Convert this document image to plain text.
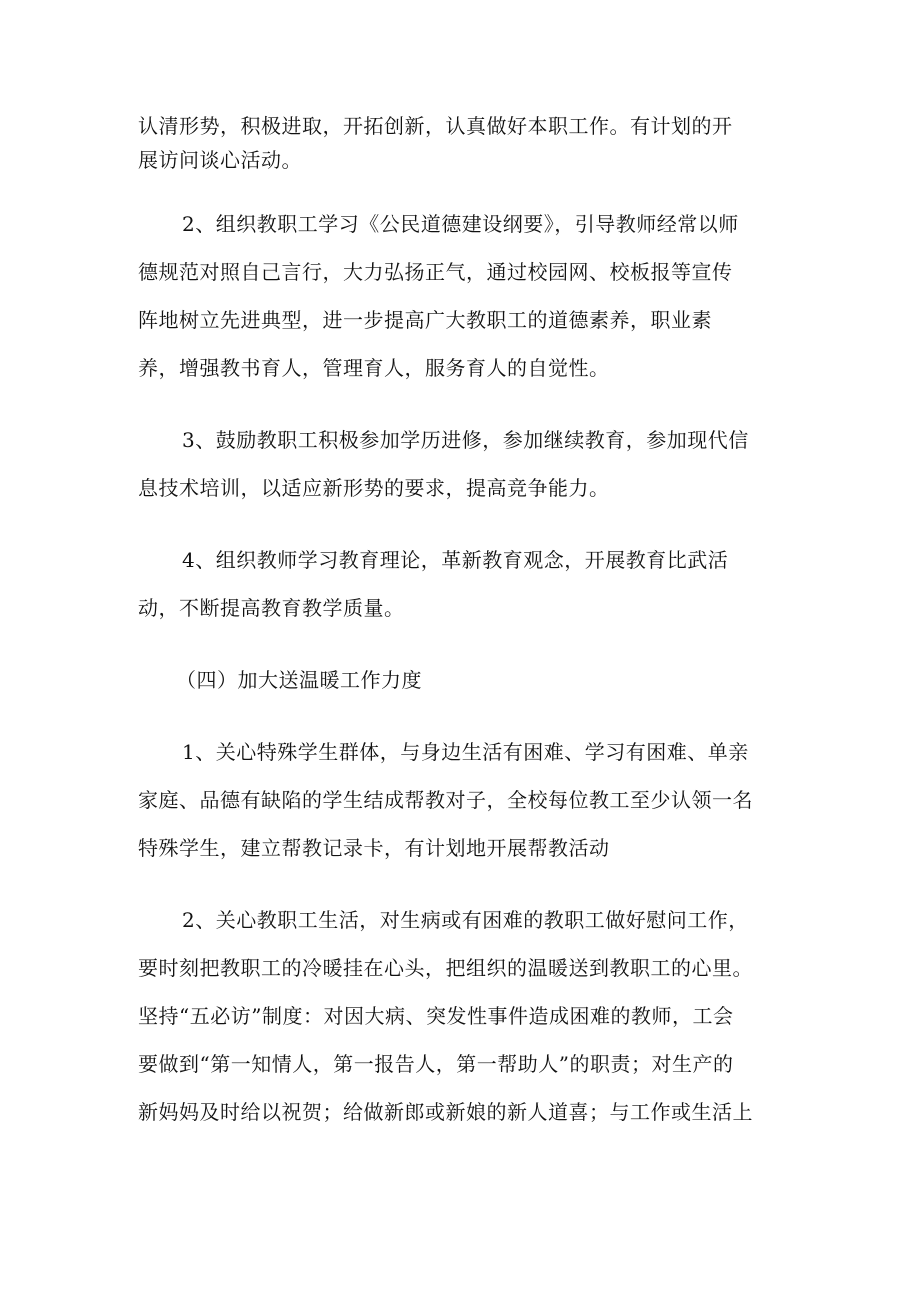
认清形势，积极进取，开拓创新，认真做好本职工作。有计划的开
展访问谈心活动。
2、组织教职工学习《公民道德建设纲要》，引导教师经常以师
德规范对照自己言行，大力弘扬正气，通过校园网、校板报等宣传
阵地树立先进典型，进一步提高广大教职工的道德素养，职业素
养，增强教书育人，管理育人，服务育人的自觉性。
3、鼓励教职工积极参加学历进修，参加继续教育，参加现代信
息技术培训，以适应新形势的要求，提高竞争能力。
4、组织教师学习教育理论，革新教育观念，开展教育比武活
动，不断提高教育教学质量。
（四）加大送温暖工作力度
1、关心特殊学生群体，与身边生活有困难、学习有困难、单亲
家庭、品德有缺陷的学生结成帮教对子，全校每位教工至少认领一名
特殊学生，建立帮教记录卡，有计划地开展帮教活动
2、关心教职工生活，对生病或有困难的教职工做好慰问工作，
要时刻把教职工的冷暖挂在心头，把组织的温暖送到教职工的心里。
坚持“五必访”制度：对因大病、突发性事件造成困难的教师，工会
要做到“第一知情人，第一报告人，第一帮助人”的职责；对生产的
新妈妈及时给以祝贺；给做新郎或新娘的新人道喜；与工作或生活上
